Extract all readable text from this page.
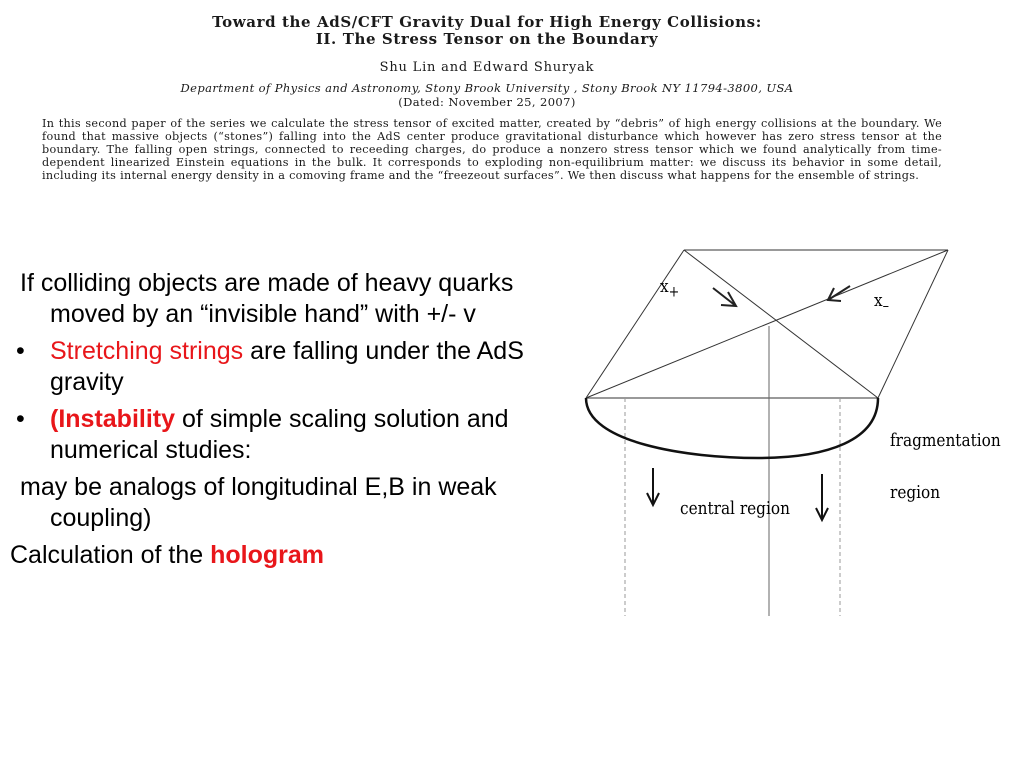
Toward the AdS/CFT Gravity Dual for High Energy Collisions:

II. The Stress Tensor on the Boundary

Shu Lin and Edward Shuryak
Department of Physics and Astronomy, Stony Brook University , Stony Brook NY 11794-3800, USA
(Dated: November 25, 2007)
In this second paper of the series we calculate the stress tensor of excited matter, created by “debris” of high energy collisions at the boundary. We found that massive objects (“stones”) falling into the AdS center produce gravitational disturbance which however has zero stress tensor at the boundary. The falling open strings, connected to receeding charges, do produce a nonzero stress tensor which we found analytically from time-dependent linearized Einstein equations in the bulk. It corresponds to exploding non-equilibrium matter: we discuss its behavior in some detail, including its internal energy density in a comoving frame and the “freezeout surfaces”. We then discuss what happens for the ensemble of strings.
If colliding objects are made of heavy quarks moved by an “invisible hand” with +/- v
• Stretching strings are falling under the AdS gravity
• (Instability of simple scaling solution and numerical studies:
may be analogs of longitudinal E,B in weak coupling)
Calculation of the hologram
$x_+$	$x_-$
fragmentation
region
central region
